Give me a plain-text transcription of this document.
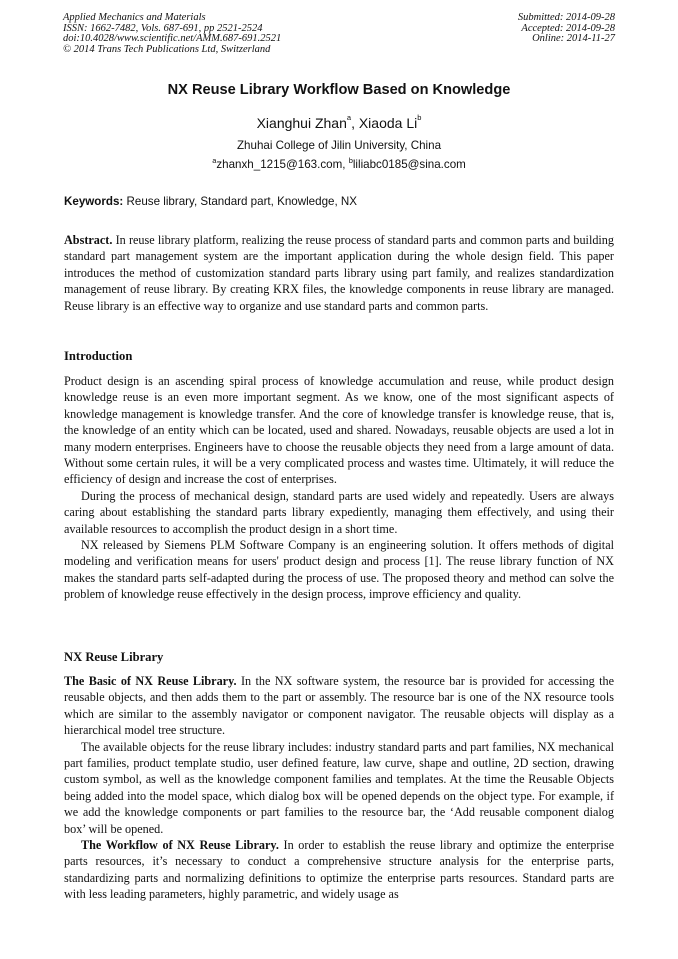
Applied Mechanics and Materials
ISSN: 1662-7482, Vols. 687-691, pp 2521-2524
doi:10.4028/www.scientific.net/AMM.687-691.2521
© 2014 Trans Tech Publications Ltd, Switzerland
Submitted: 2014-09-28
Accepted: 2014-09-28
Online: 2014-11-27
NX Reuse Library Workflow Based on Knowledge
Xianghui Zhan$^a$, Xiaoda Li$^b$
Zhuhai College of Jilin University, China
$^a$zhanxh_1215@163.com, $^b$liliabc0185@sina.com
Keywords: Reuse library, Standard part, Knowledge, NX

Abstract. In reuse library platform, realizing the reuse process of standard parts and common parts and building standard part management system are the important application during the whole design field. This paper introduces the method of customization standard parts library using part family, and realizes standardization management of reuse library. By creating KRX files, the knowledge components in reuse library are managed. Reuse library is an effective way to organize and use standard parts and common parts.

Introduction

Product design is an ascending spiral process of knowledge accumulation and reuse, while product design knowledge reuse is an even more important segment. As we know, one of the most significant aspects of knowledge management is knowledge transfer. And the core of knowledge transfer is knowledge reuse, that is, the knowledge of an entity which can be located, used and shared. Nowadays, reusable objects are used a lot in many modern enterprises. Engineers have to choose the reusable objects they need from a large amount of data. Without some certain rules, it will be a very complicated process and wastes time. Ultimately, it will reduce the efficiency of design and increase the cost of enterprises.

During the process of mechanical design, standard parts are used widely and repeatedly. Users are always caring about establishing the standard parts library expediently, managing them effectively, and using their available resources to accomplish the product design in a short time.

NX released by Siemens PLM Software Company is an engineering solution. It offers methods of digital modeling and verification means for users' product design and process [1]. The reuse library function of NX makes the standard parts self-adapted during the process of use. The proposed theory and method can solve the problem of knowledge reuse effectively in the design process, improve efficiency and quality.

NX Reuse Library

The Basic of NX Reuse Library. In the NX software system, the resource bar is provided for accessing the reusable objects, and then adds them to the part or assembly. The resource bar is one of the NX resource tools which are similar to the assembly navigator or component navigator. The reusable objects will display as a hierarchical model tree structure.

The available objects for the reuse library includes: industry standard parts and part families, NX mechanical part families, product template studio, user defined feature, law curve, shape and outline, 2D section, drawing custom symbol, as well as the knowledge component families and templates. At the time the Reusable Objects being added into the model space, which dialog box will be opened depends on the object type. For example, if we add the knowledge components or part families to the resource bar, the ‘Add reusable component dialog box’ will be opened.

The Workflow of NX Reuse Library. In order to establish the reuse library and optimize the enterprise parts resources, it’s necessary to conduct a comprehensive structure analysis for the enterprise parts, standardizing parts and normalizing definitions to optimize the enterprise parts resources. Standard parts are with less leading parameters, highly parametric, and widely usage as
